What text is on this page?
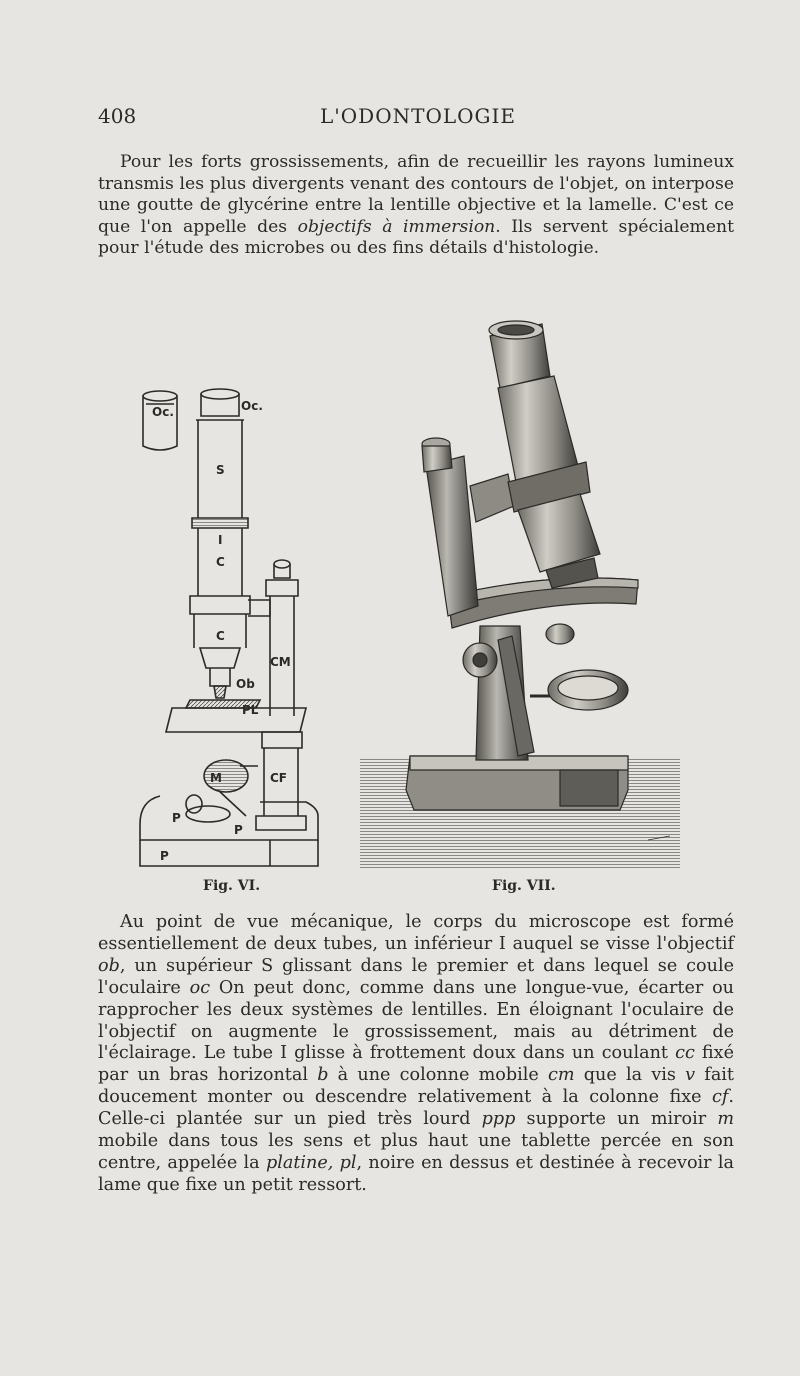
408	L'ODONTOLOGIE

Pour les forts grossissements, afin de recueillir les rayons lumineux transmis les plus divergents venant des contours de l'objet, on interpose une goutte de glycérine entre la lentille objective et la lamelle. C'est ce que l'on appelle des objectifs à immersion. Ils servent spécialement pour l'étude des microbes ou des fins détails d'histologie.

Oc.	Oc.
S
I
C
C
Ob
CM
PL
M	CF
P
P
P
Fig. VI.	Fig. VII.

Au point de vue mécanique, le corps du microscope est formé essentiellement de deux tubes, un inférieur I auquel se visse l'objectif ob, un supérieur S glissant dans le premier et dans lequel se coule l'oculaire oc On peut donc, comme dans une longue-vue, écarter ou rapprocher les deux systèmes de lentilles. En éloignant l'oculaire de l'objectif on augmente le grossissement, mais au détriment de l'éclairage. Le tube I glisse à frottement doux dans un coulant cc fixé par un bras horizontal b à une colonne mobile cm que la vis v fait doucement monter ou descendre relativement à la colonne fixe cf. Celle-ci plantée sur un pied très lourd ppp supporte un miroir m mobile dans tous les sens et plus haut une tablette percée en son centre, appelée la platine, pl, noire en dessus et destinée à recevoir la lame que fixe un petit ressort.
